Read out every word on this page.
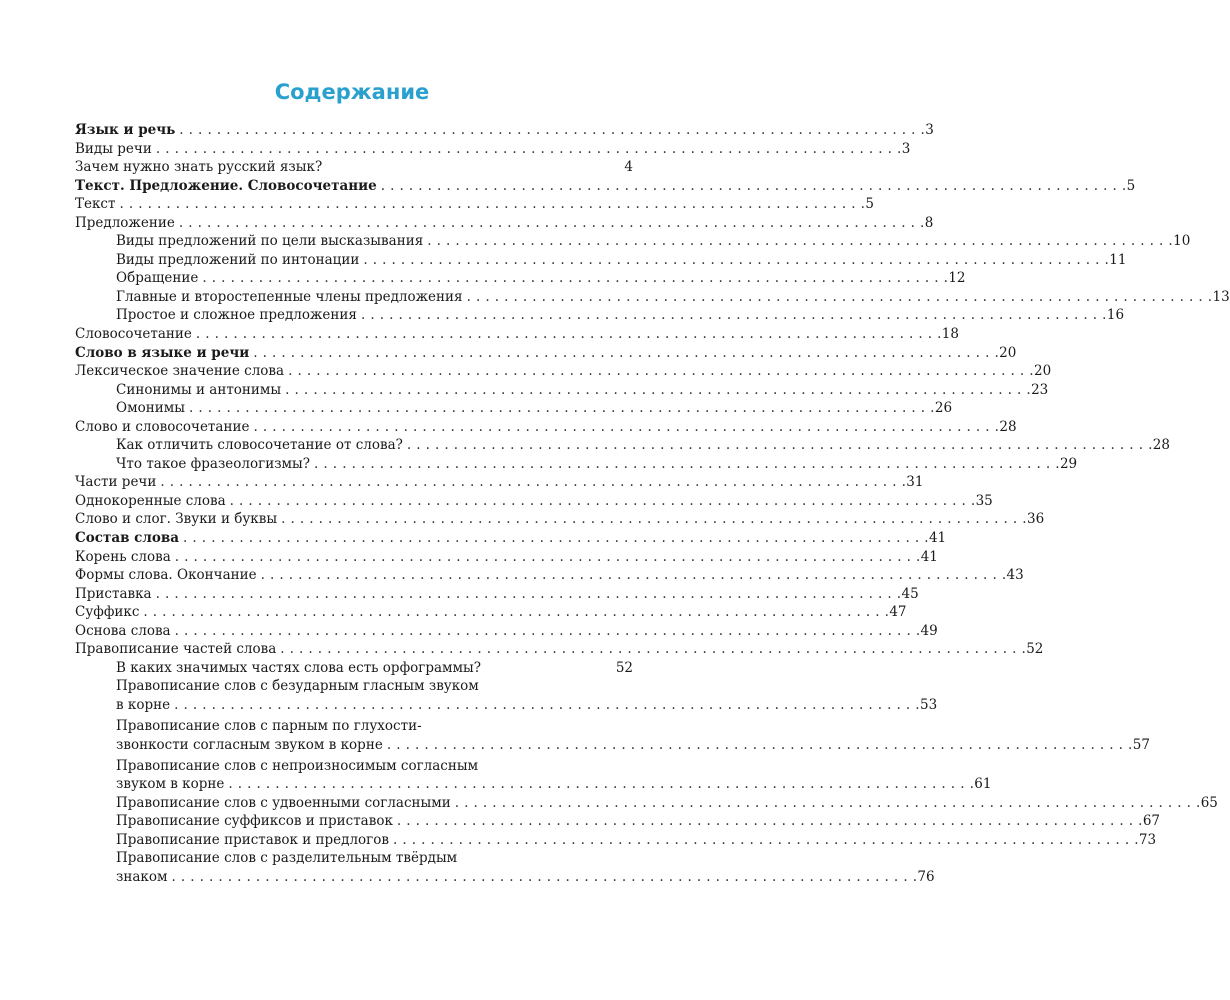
Содержание
Язык и речь . . . . . . . . . . . . . . . . . . . . . . . . . . . . . . . . . . . . . . . . . . . . . . . . . . . . . . . . . . . . . . . . . . . . . . . . . . . . . . . . 3
Виды речи . . . . . . . . . . . . . . . . . . . . . . . . . . . . . . . . . . . . . . . . . . . . . . . . . . . . . . . . . . . . . . . . . . . . . . . . . . . . . . . . 3
Зачем нужно знать русский язык?	4
Текст. Предложение. Словосочетание . . . . . . . . . . . . . . . . . . . . . . . . . . . . . . . . . . . . . . . . . . . . . . . . . . . . . . . . . . . . . . . . . . . . . . . . . . . . . . . . 5
Текст . . . . . . . . . . . . . . . . . . . . . . . . . . . . . . . . . . . . . . . . . . . . . . . . . . . . . . . . . . . . . . . . . . . . . . . . . . . . . . . . 5
Предложение . . . . . . . . . . . . . . . . . . . . . . . . . . . . . . . . . . . . . . . . . . . . . . . . . . . . . . . . . . . . . . . . . . . . . . . . . . . . . . . . 8
Виды предложений по цели высказывания . . . . . . . . . . . . . . . . . . . . . . . . . . . . . . . . . . . . . . . . . . . . . . . . . . . . . . . . . . . . . . . . . . . . . . . . . . . . . . . . 10
Виды предложений по интонации . . . . . . . . . . . . . . . . . . . . . . . . . . . . . . . . . . . . . . . . . . . . . . . . . . . . . . . . . . . . . . . . . . . . . . . . . . . . . . . . 11
Обращение . . . . . . . . . . . . . . . . . . . . . . . . . . . . . . . . . . . . . . . . . . . . . . . . . . . . . . . . . . . . . . . . . . . . . . . . . . . . . . . . 12
Главные и второстепенные члены предложения . . . . . . . . . . . . . . . . . . . . . . . . . . . . . . . . . . . . . . . . . . . . . . . . . . . . . . . . . . . . . . . . . . . . . . . . . . . . . . . . 13
Простое и сложное предложения . . . . . . . . . . . . . . . . . . . . . . . . . . . . . . . . . . . . . . . . . . . . . . . . . . . . . . . . . . . . . . . . . . . . . . . . . . . . . . . . 16
Словосочетание . . . . . . . . . . . . . . . . . . . . . . . . . . . . . . . . . . . . . . . . . . . . . . . . . . . . . . . . . . . . . . . . . . . . . . . . . . . . . . . . 18
Слово в языке и речи . . . . . . . . . . . . . . . . . . . . . . . . . . . . . . . . . . . . . . . . . . . . . . . . . . . . . . . . . . . . . . . . . . . . . . . . . . . . . . . . 20
Лексическое значение слова . . . . . . . . . . . . . . . . . . . . . . . . . . . . . . . . . . . . . . . . . . . . . . . . . . . . . . . . . . . . . . . . . . . . . . . . . . . . . . . . 20
Синонимы и антонимы . . . . . . . . . . . . . . . . . . . . . . . . . . . . . . . . . . . . . . . . . . . . . . . . . . . . . . . . . . . . . . . . . . . . . . . . . . . . . . . . 23
Омонимы . . . . . . . . . . . . . . . . . . . . . . . . . . . . . . . . . . . . . . . . . . . . . . . . . . . . . . . . . . . . . . . . . . . . . . . . . . . . . . . . 26
Слово и словосочетание . . . . . . . . . . . . . . . . . . . . . . . . . . . . . . . . . . . . . . . . . . . . . . . . . . . . . . . . . . . . . . . . . . . . . . . . . . . . . . . . 28
Как отличить словосочетание от слова? . . . . . . . . . . . . . . . . . . . . . . . . . . . . . . . . . . . . . . . . . . . . . . . . . . . . . . . . . . . . . . . . . . . . . . . . . . . . . . . . 28
Что такое фразеологизмы? . . . . . . . . . . . . . . . . . . . . . . . . . . . . . . . . . . . . . . . . . . . . . . . . . . . . . . . . . . . . . . . . . . . . . . . . . . . . . . . . 29
Части речи . . . . . . . . . . . . . . . . . . . . . . . . . . . . . . . . . . . . . . . . . . . . . . . . . . . . . . . . . . . . . . . . . . . . . . . . . . . . . . . . 31
Однокоренные слова . . . . . . . . . . . . . . . . . . . . . . . . . . . . . . . . . . . . . . . . . . . . . . . . . . . . . . . . . . . . . . . . . . . . . . . . . . . . . . . . 35
Слово и слог. Звуки и буквы . . . . . . . . . . . . . . . . . . . . . . . . . . . . . . . . . . . . . . . . . . . . . . . . . . . . . . . . . . . . . . . . . . . . . . . . . . . . . . . . 36
Состав слова . . . . . . . . . . . . . . . . . . . . . . . . . . . . . . . . . . . . . . . . . . . . . . . . . . . . . . . . . . . . . . . . . . . . . . . . . . . . . . . . 41
Корень слова . . . . . . . . . . . . . . . . . . . . . . . . . . . . . . . . . . . . . . . . . . . . . . . . . . . . . . . . . . . . . . . . . . . . . . . . . . . . . . . . 41
Формы слова. Окончание . . . . . . . . . . . . . . . . . . . . . . . . . . . . . . . . . . . . . . . . . . . . . . . . . . . . . . . . . . . . . . . . . . . . . . . . . . . . . . . . 43
Приставка . . . . . . . . . . . . . . . . . . . . . . . . . . . . . . . . . . . . . . . . . . . . . . . . . . . . . . . . . . . . . . . . . . . . . . . . . . . . . . . . 45
Суффикс . . . . . . . . . . . . . . . . . . . . . . . . . . . . . . . . . . . . . . . . . . . . . . . . . . . . . . . . . . . . . . . . . . . . . . . . . . . . . . . . 47
Основа слова . . . . . . . . . . . . . . . . . . . . . . . . . . . . . . . . . . . . . . . . . . . . . . . . . . . . . . . . . . . . . . . . . . . . . . . . . . . . . . . . 49
Правописание частей слова . . . . . . . . . . . . . . . . . . . . . . . . . . . . . . . . . . . . . . . . . . . . . . . . . . . . . . . . . . . . . . . . . . . . . . . . . . . . . . . . 52
В каких значимых частях слова есть орфограммы?	52
Правописание слов с безударным гласным звуком
в корне . . . . . . . . . . . . . . . . . . . . . . . . . . . . . . . . . . . . . . . . . . . . . . . . . . . . . . . . . . . . . . . . . . . . . . . . . . . . . . . . 53
Правописание слов с парным по глухости-
звонкости согласным звуком в корне . . . . . . . . . . . . . . . . . . . . . . . . . . . . . . . . . . . . . . . . . . . . . . . . . . . . . . . . . . . . . . . . . . . . . . . . . . . . . . . . 57
Правописание слов с непроизносимым согласным
звуком в корне . . . . . . . . . . . . . . . . . . . . . . . . . . . . . . . . . . . . . . . . . . . . . . . . . . . . . . . . . . . . . . . . . . . . . . . . . . . . . . . . 61
Правописание слов с удвоенными согласными . . . . . . . . . . . . . . . . . . . . . . . . . . . . . . . . . . . . . . . . . . . . . . . . . . . . . . . . . . . . . . . . . . . . . . . . . . . . . . . . 65
Правописание суффиксов и приставок . . . . . . . . . . . . . . . . . . . . . . . . . . . . . . . . . . . . . . . . . . . . . . . . . . . . . . . . . . . . . . . . . . . . . . . . . . . . . . . . 67
Правописание приставок и предлогов . . . . . . . . . . . . . . . . . . . . . . . . . . . . . . . . . . . . . . . . . . . . . . . . . . . . . . . . . . . . . . . . . . . . . . . . . . . . . . . . 73
Правописание слов с разделительным твёрдым
знаком . . . . . . . . . . . . . . . . . . . . . . . . . . . . . . . . . . . . . . . . . . . . . . . . . . . . . . . . . . . . . . . . . . . . . . . . . . . . . . . . 76
